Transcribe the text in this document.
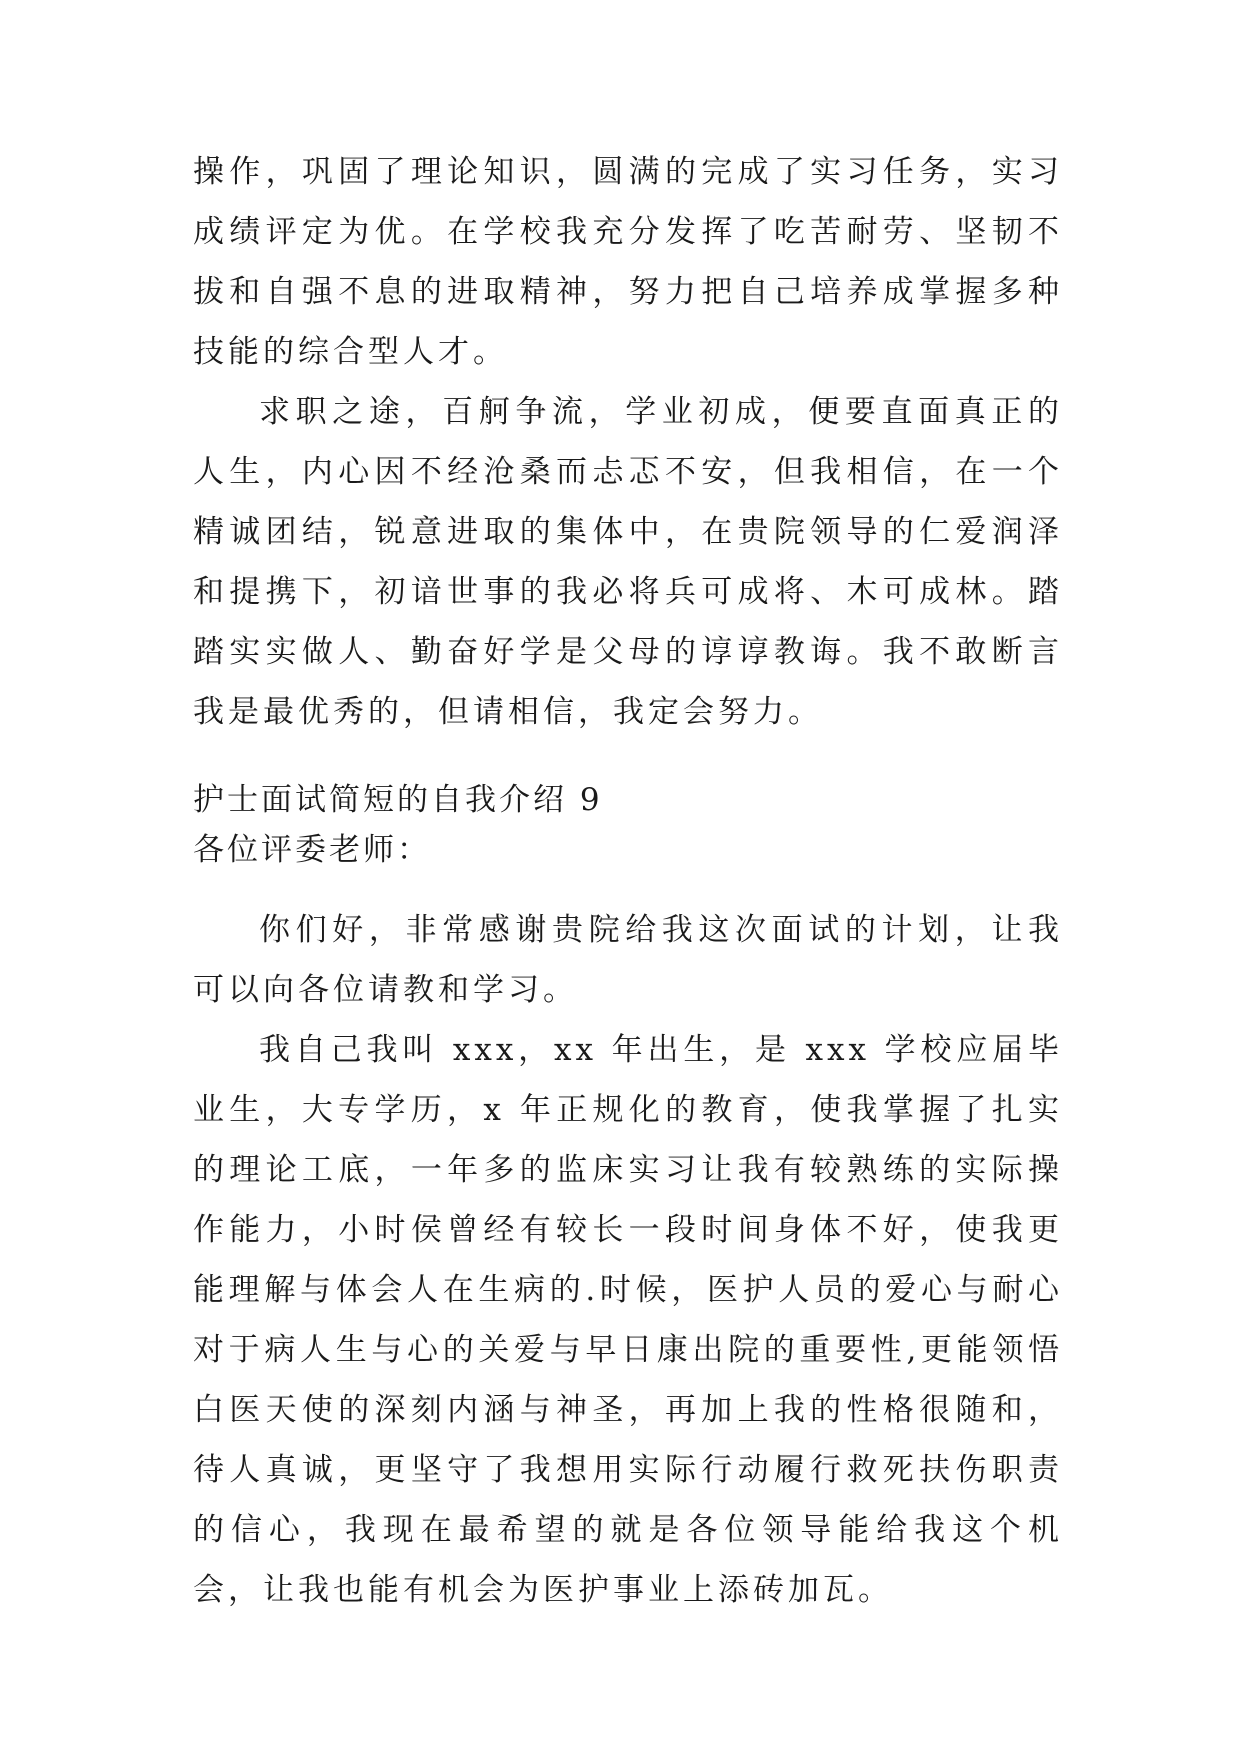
操作，巩固了理论知识，圆满的完成了实习任务，实习成绩评定为优。在学校我充分发挥了吃苦耐劳、坚韧不拔和自强不息的进取精神，努力把自己培养成掌握多种技能的综合型人才。

求职之途，百舸争流，学业初成，便要直面真正的人生，内心因不经沧桑而忐忑不安，但我相信，在一个精诚团结，锐意进取的集体中，在贵院领导的仁爱润泽和提携下，初谙世事的我必将兵可成将、木可成林。踏踏实实做人、勤奋好学是父母的谆谆教诲。我不敢断言我是最优秀的，但请相信，我定会努力。

护士面试简短的自我介绍 9

各位评委老师：

你们好，非常感谢贵院给我这次面试的计划，让我可以向各位请教和学习。

我自己我叫 xxx，xx 年出生，是 xxx 学校应届毕业生，大专学历，x 年正规化的教育，使我掌握了扎实的理论工底，一年多的监床实习让我有较熟练的实际操作能力，小时侯曾经有较长一段时间身体不好，使我更能理解与体会人在生病的.时候，医护人员的爱心与耐心对于病人生与心的关爱与早日康出院的重要性,更能领悟白医天使的深刻内涵与神圣，再加上我的性格很随和，待人真诚，更坚守了我想用实际行动履行救死扶伤职责的信心，我现在最希望的就是各位领导能给我这个机会，让我也能有机会为医护事业上添砖加瓦。
